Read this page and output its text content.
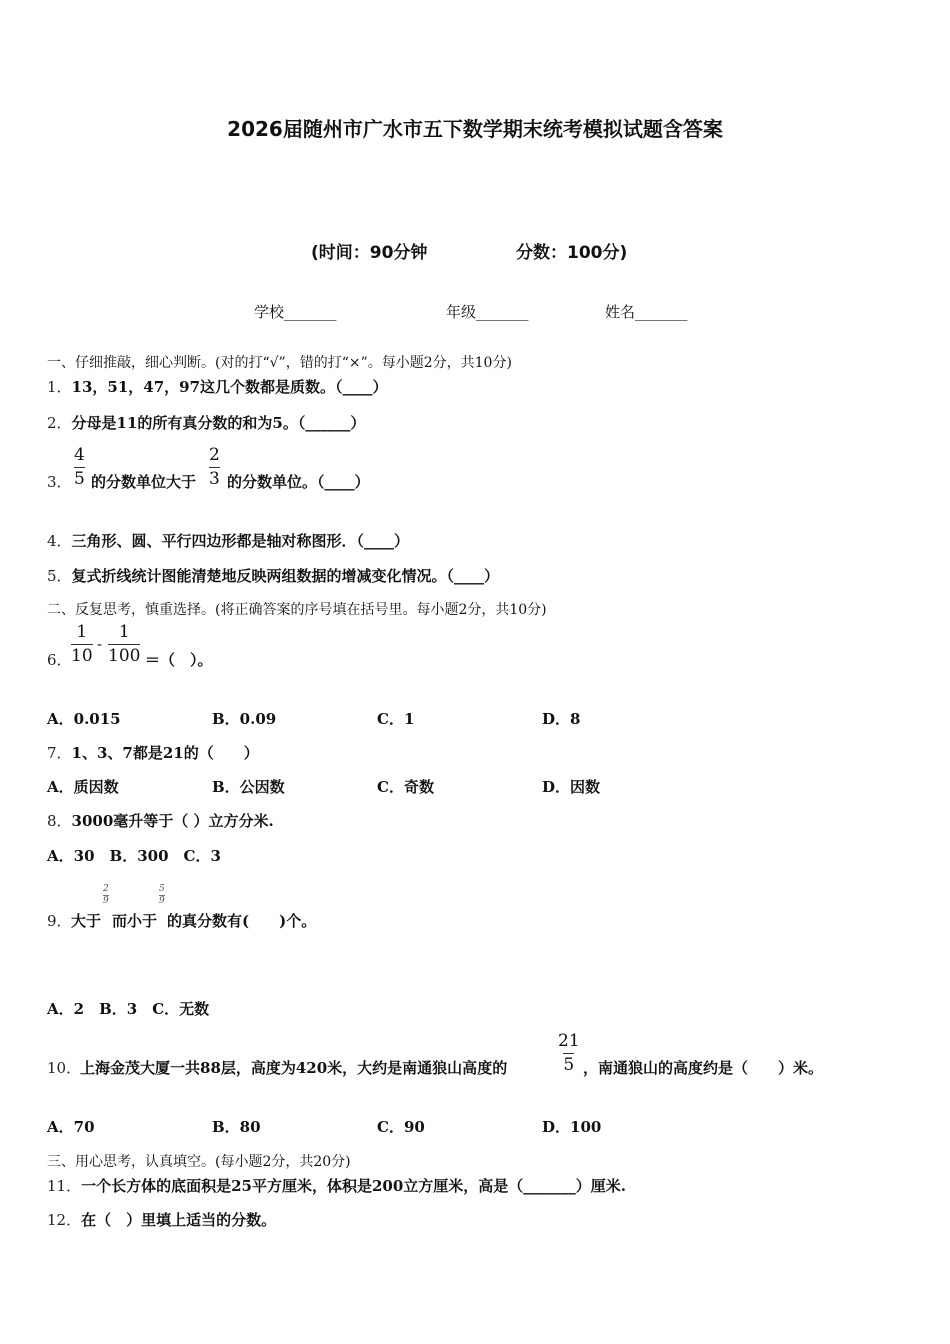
2026届随州市广水市五下数学期末统考模拟试题含答案
(时间：90分钟	分数：100分)
学校_______	年级_______	姓名_______
一、仔细推敲，细心判断。(对的打“√”，错的打“×”。每小题2分，共10分)
1．13，51，47，97这几个数都是质数。（____）
2．分母是11的所有真分数的和为5。（______）
3． $\frac{4}{5}$ 的分数单位大于 $\frac{2}{3}$ 的分数单位。（____）
4．三角形、圆、平行四边形都是轴对称图形．（____）
5．复式折线统计图能清楚地反映两组数据的增减变化情况。（____）
二、反复思考，慎重选择。(将正确答案的序号填在括号里。每小题2分，共10分)
6． $\frac{1}{10} - \frac{1}{100}$ ＝（　）。
A．0.015	B．0.09	C．1	D．8
7．1、3、7都是21的（　　）
A．质因数	B．公因数	C．奇数	D．因数
8．3000毫升等于（ ）立方分米.
A．30　B．300　C．3
9． 大于
$\frac{2}{9}$
而小于
$\frac{5}{9}$
的真分数有(　　)个。
A．2　B．3　C．无数
10．
上海金茂大厦一共88层，高度为420米，大约是南通狼山高度的	$\frac{21}{5}$ ，南通狼山的高度约是（　　）米。
A．70	B．80	C．90	D．100
三、用心思考，认真填空。(每小题2分，共20分)
11．一个长方体的底面积是25平方厘米，体积是200立方厘米，高是（_______）厘米.
12．在（　）里填上适当的分数。
